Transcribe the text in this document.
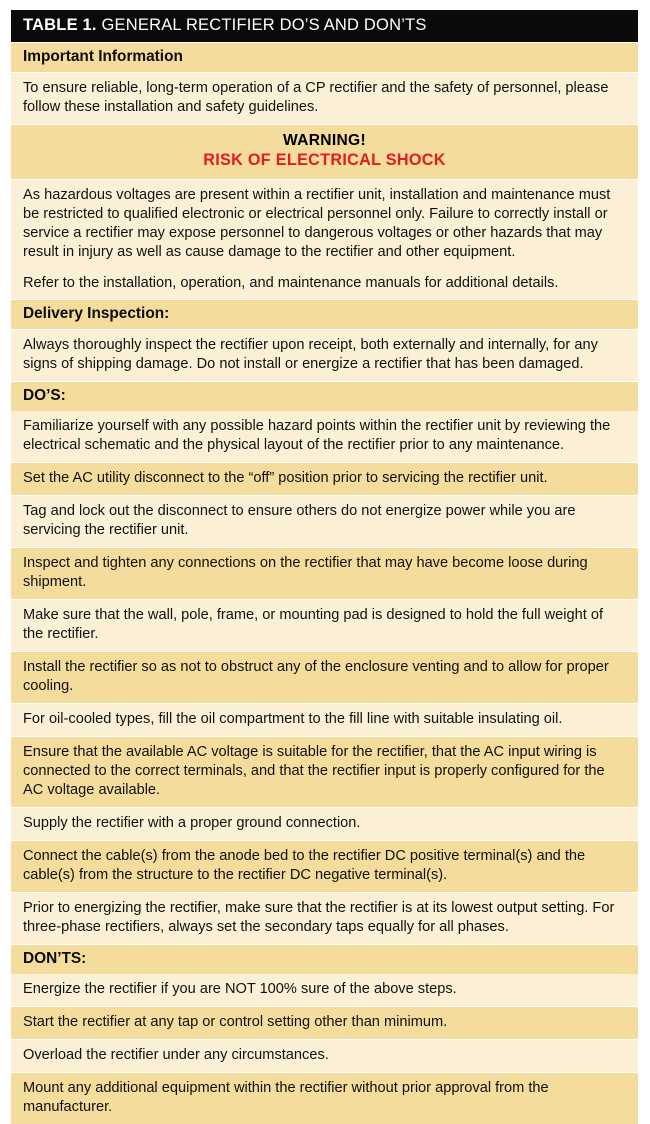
TABLE 1. GENERAL RECTIFIER DO’S AND DON’TS
Important Information
To ensure reliable, long-term operation of a CP rectifier and the safety of personnel, please follow these installation and safety guidelines.
WARNING!
RISK OF ELECTRICAL SHOCK
As hazardous voltages are present within a rectifier unit, installation and maintenance must be restricted to qualified electronic or electrical personnel only. Failure to correctly install or service a rectifier may expose personnel to dangerous voltages or other hazards that may result in injury as well as cause damage to the rectifier and other equipment.
Refer to the installation, operation, and maintenance manuals for additional details.
Delivery Inspection:
Always thoroughly inspect the rectifier upon receipt, both externally and internally, for any signs of shipping damage. Do not install or energize a rectifier that has been damaged.
DO’S:
Familiarize yourself with any possible hazard points within the rectifier unit by reviewing the electrical schematic and the physical layout of the rectifier prior to any maintenance.
Set the AC utility disconnect to the “off” position prior to servicing the rectifier unit.
Tag and lock out the disconnect to ensure others do not energize power while you are servicing the rectifier unit.
Inspect and tighten any connections on the rectifier that may have become loose during shipment.
Make sure that the wall, pole, frame, or mounting pad is designed to hold the full weight of the rectifier.
Install the rectifier so as not to obstruct any of the enclosure venting and to allow for proper cooling.
For oil-cooled types, fill the oil compartment to the fill line with suitable insulating oil.
Ensure that the available AC voltage is suitable for the rectifier, that the AC input wiring is connected to the correct terminals, and that the rectifier input is properly configured for the AC voltage available.
Supply the rectifier with a proper ground connection.
Connect the cable(s) from the anode bed to the rectifier DC positive terminal(s) and the cable(s) from the structure to the rectifier DC negative terminal(s).
Prior to energizing the rectifier, make sure that the rectifier is at its lowest output setting. For three-phase rectifiers, always set the secondary taps equally for all phases.
DON’TS:
Energize the rectifier if you are NOT 100% sure of the above steps.
Start the rectifier at any tap or control setting other than minimum.
Overload the rectifier under any circumstances.
Mount any additional equipment within the rectifier without prior approval from the manufacturer.
